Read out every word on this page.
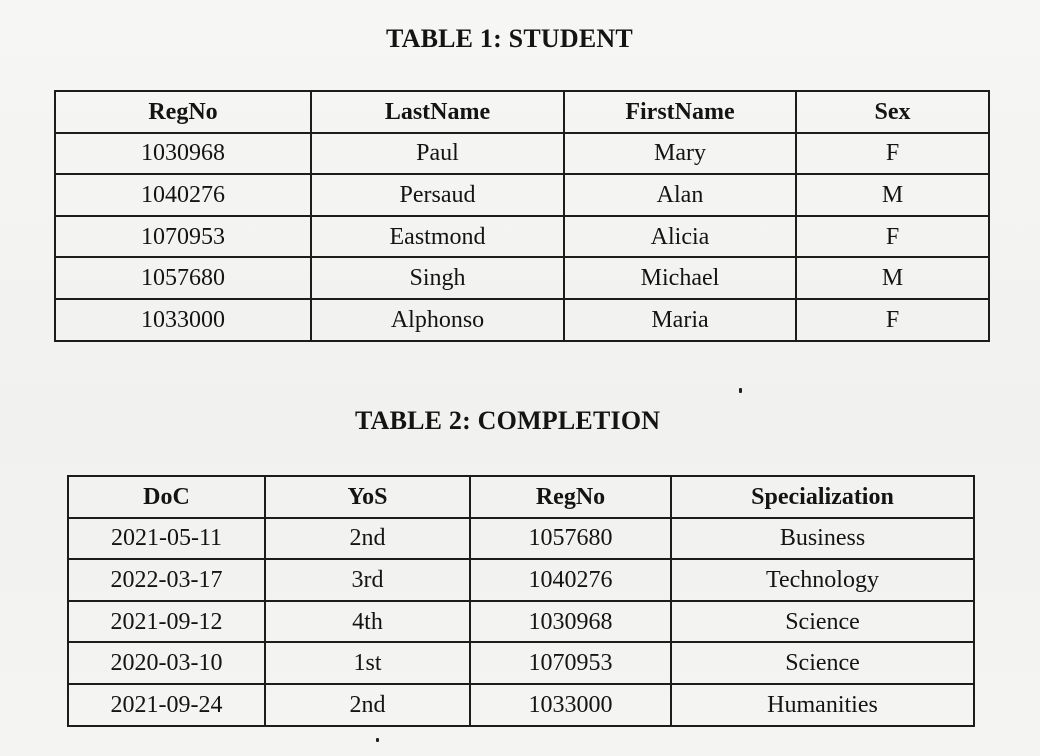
TABLE 1: STUDENT
RegNo	LastName	FirstName	Sex
1030968	Paul	Mary	F
1040276	Persaud	Alan	M
1070953	Eastmond	Alicia	F
1057680	Singh	Michael	M
1033000	Alphonso	Maria	F
TABLE 2: COMPLETION
DoC	YoS	RegNo	Specialization
2021-05-11	2nd	1057680	Business
2022-03-17	3rd	1040276	Technology
2021-09-12	4th	1030968	Science
2020-03-10	1st	1070953	Science
2021-09-24	2nd	1033000	Humanities
